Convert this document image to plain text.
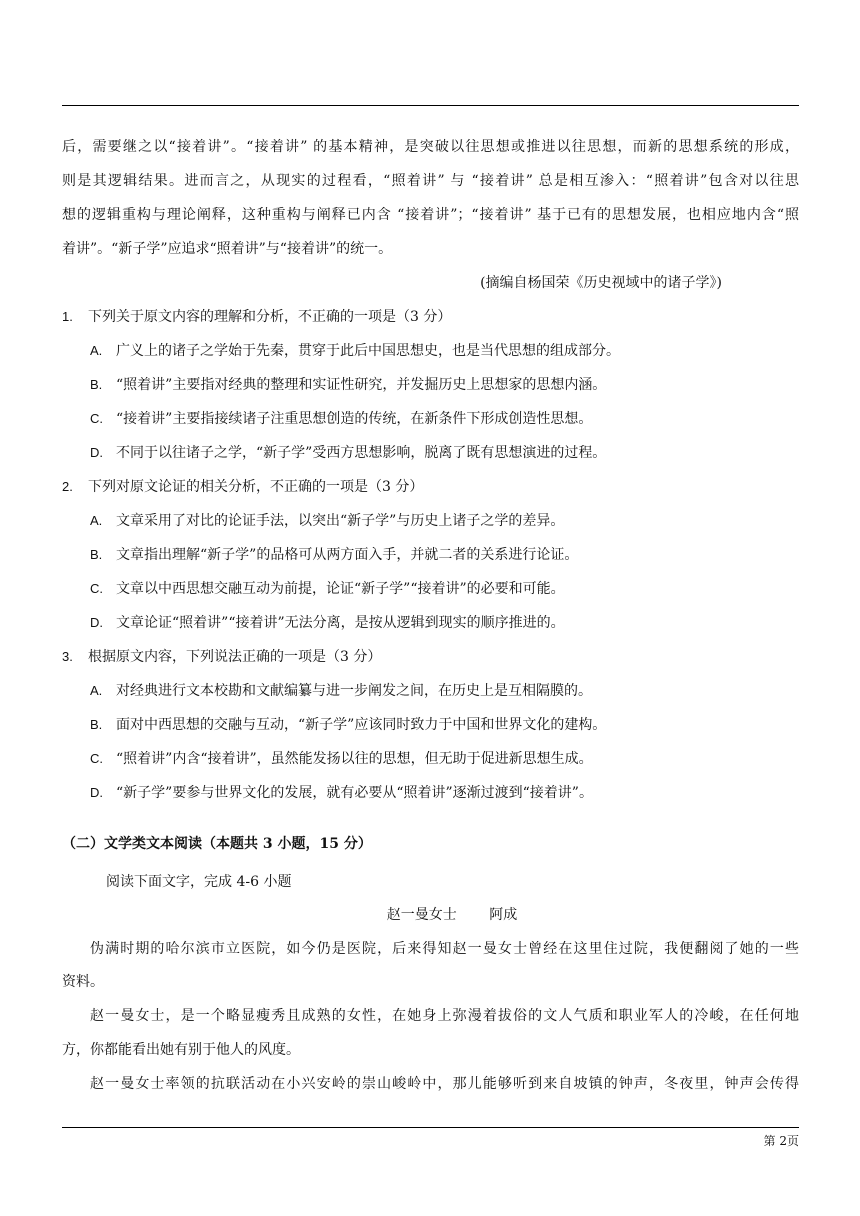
后，需要继之以“接着讲”。“接着讲” 的基本精神，是突破以往思想或推进以往思想，而新的思想系统的形成，
则是其逻辑结果。进而言之，从现实的过程看，“照着讲” 与 “接着讲” 总是相互渗入：“照着讲”包含对以往思
想的逻辑重构与理论阐释，这种重构与阐释已内含 “接着讲”；“接着讲” 基于已有的思想发展，也相应地内含“照
着讲”。“新子学”应追求“照着讲”与“接着讲”的统一。
(摘编自杨国荣《历史视域中的诸子学》)
1. 下列关于原文内容的理解和分析，不正确的一项是（3 分）
A. 广义上的诸子之学始于先秦，贯穿于此后中国思想史，也是当代思想的组成部分。
B. “照着讲”主要指对经典的整理和实证性研究，并发掘历史上思想家的思想内涵。
C. “接着讲”主要指接续诸子注重思想创造的传统，在新条件下形成创造性思想。
D. 不同于以往诸子之学，“新子学”受西方思想影响，脱离了既有思想演进的过程。
2. 下列对原文论证的相关分析，不正确的一项是（3 分）
A. 文章采用了对比的论证手法，以突出“新子学”与历史上诸子之学的差异。
B. 文章指出理解“新子学”的品格可从两方面入手，并就二者的关系进行论证。
C. 文章以中西思想交融互动为前提，论证“新子学”“接着讲”的必要和可能。
D. 文章论证“照着讲”“接着讲”无法分离，是按从逻辑到现实的顺序推进的。
3. 根据原文内容，下列说法正确的一项是（3 分）
A. 对经典进行文本校勘和文献编纂与进一步阐发之间，在历史上是互相隔膜的。
B. 面对中西思想的交融与互动，“新子学”应该同时致力于中国和世界文化的建构。
C. “照着讲”内含“接着讲”，虽然能发扬以往的思想，但无助于促进新思想生成。
D. “新子学”要参与世界文化的发展，就有必要从“照着讲”逐渐过渡到“接着讲”。
（二）文学类文本阅读（本题共 3 小题，15 分）
阅读下面文字，完成 4-6 小题
赵一曼女士　　 阿成
伪满时期的哈尔滨市立医院，如今仍是医院，后来得知赵一曼女士曾经在这里住过院，我便翻阅了她的一些
资料。
赵一曼女士，是一个略显瘦秀且成熟的女性，在她身上弥漫着拔俗的文人气质和职业军人的冷峻，在任何地
方，你都能看出她有别于他人的风度。
赵一曼女士率领的抗联活动在小兴安岭的崇山峻岭中，那儿能够听到来自坡镇的钟声，冬夜里，钟声会传得
第 2页
